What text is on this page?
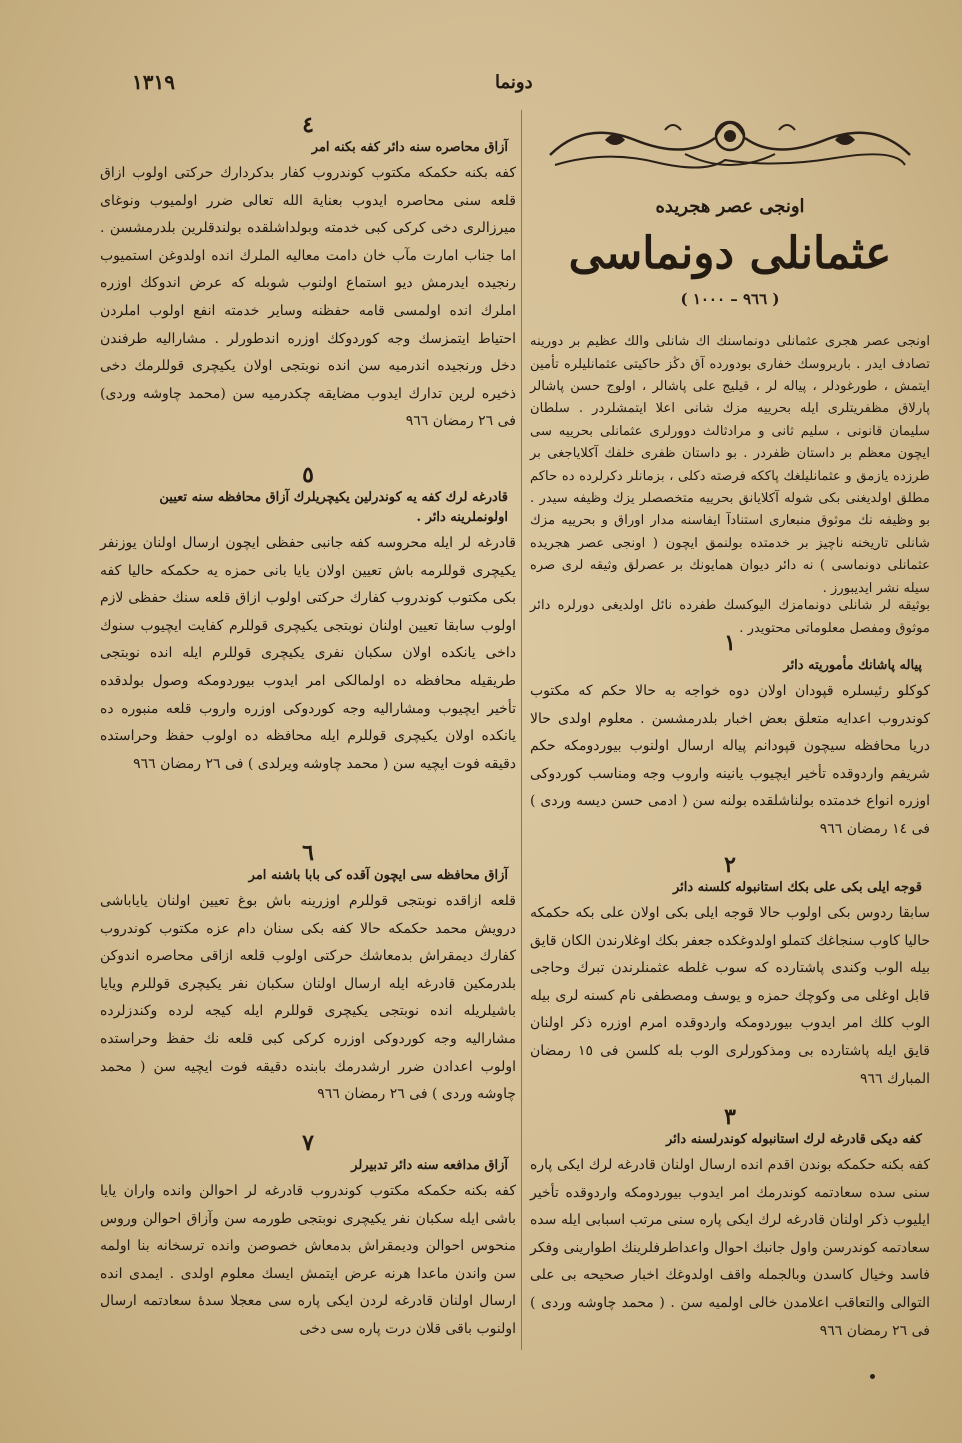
١٣١٩	دونما
اونجی عصر هجریده
عثمانلی دونماسی
( ٩٦٦ – ١٠٠٠ )

اونجی عصر هجری عثمانلی دونماسنك اك شانلی والك عظیم بر دورینه تصادف ایدر . باربروسك خفاری بودورده آق دڭز حاكیتی عثمانلیلره تأمین ایتمش ، طورغودلر ، پیاله لر ، قیلیج علی پاشالر ، اولوج حسن پاشالر پارلاق مظفریتلری ایله بحرییه مزك شانی اعلا ایتمشلردر . سلطان سلیمان قانونی ، سلیم ثانی و مرادثالث دوورلری عثمانلی بحرییه سی ایچون معظم بر داستان ظفردر . بو داستان ظفری خلفك آكلایاجغی بر طرزده یازمق و عثمانلیلغك پاككه فرصته دكلی ، بزمانلر دكرلرده ده حاكم مطلق اولدیغنی بكی شوله آكلایانق بحرییه متخصصلر یزك وظیفه سیدر . بو وظیفه نك موثوق منبعاری استنادآ ایفاسنه مدار اوراق و بحرییه مزك شانلی تاریخنه ناچیز بر خدمتده بولنمق ایچون ( اونجی عصر هجریده عثمانلی دونماسی ) نه دائر دیوان همایونك بر عصرلق وثیقه لری صره سیله نشر ایدیبورز .

بوثیقه لر شانلی دونمامزك الیوكسك طفرده نائل اولدیغی دورلره دائر موثوق ومفصل معلوماتی محتویدر .

١
پیاله پاشانك مأموریته دائر

كوكلو رئیسلره قپودان اولان دوه خواجه به حالا حكم كه مكتوب كوندروب اعدایه متعلق بعض اخبار بلدرمشسن . معلوم اولدی حالا دریا محافظه سیچون قپودانم پیاله ارسال اولنوب بیوردومكه حكم شریفم واردوقده تأخیر ایچیوب یانینه واروب وجه ومناسب كوردوكی اوزره انواع خدمتده بولناشلقده بولنه سن ( ادمی حسن دیسه وردی ) فی ١٤ رمضان ٩٦٦

٢
قوجه ایلی بكی علی بكك استانبوله كلسنه دائر

سابقا ردوس بكی اولوب حالا قوجه ایلی بكی اولان علی بكه حكمكه حالیا كاوب سنجاغك كتملو اولدوغكده جعفر بكك اوغلارندن الكان قایق بیله الوب وكندی پاشتارده كه سوب غلطه عثمنلرندن تبرك وحاجی قابل اوغلی می وكوچك حمزه و یوسف ومصطفی نام كسنه لری بیله الوب كلك امر ایدوب بیوردومكه واردوقده امرم اوزره ذكر اولنان قایق ایله پاشتارده بی ومذكورلری الوب بله كلسن فی ١٥ رمضان المبارك ٩٦٦

٣
كفه دیكی قادرغه لرك استانبوله كوندرلسنه دائر

كفه بكنه حكمكه بوندن اقدم انده ارسال اولنان قادرغه لرك ایكی پاره سنی سده سعادتمه كوندرمك امر ایدوب بیوردومكه واردوقده تأخیر ایلیوب ذكر اولنان قادرغه لرك ایكی پاره سنی مرتب اسبابی ایله سده سعادتمه كوندرسن واول جانبك احوال واعداطرفلرینك اطوارینی وفكر فاسد وخیال كاسدن وبالجمله واقف اولدوغك اخبار صحیحه بی علی التوالی والتعاقب اعلامدن خالی اولمیه سن . ( محمد چاوشه وردی ) فی ٢٦ رمضان ٩٦٦

٤
آزاق محاصره سنه دائر كفه بكنه امر

كفه بكنه حكمكه مكتوب كوندروب كفار بدكردارك حركتی اولوب ازاق قلعه سنی محاصره ایدوب بعنایة الله تعالی ضرر اولمیوب ونوغای میرزالری دخی كركی كبی خدمته وبولداشلقده بولندقلرین بلدرمشسن . اما جناب امارت مآب خان دامت معالیه الملرك انده اولدوغن استمیوب رنجیده ایدرمش دیو استماع اولنوب شوبله كه عرض اندوكك اوزره املرك انده اولمسی قامه حفظنه وسایر خدمته انفع اولوب املردن احتیاط ایتمزسك وجه كوردوكك اوزره اندطورلر . مشارالیه طرفندن دخل ورنجیده اندرمیه سن انده نوبتجی اولان یكیچری قوللرمك دخی ذخیره لرین تدارك ایدوب مضایقه چكدرمیه سن (محمد چاوشه وردی) فی ٢٦ رمضان ٩٦٦

٥
قادرغه لرك كفه یه كوندرلین یكیچریلرك آزاق محافظه سنه تعیین اولونملرینه دائر .

قادرغه لر ایله محروسه كفه جانبی حفظی ایچون ارسال اولنان یوزنفر یكیچری قوللرمه باش تعیین اولان یایا بانی حمزه یه حكمكه حالیا كفه بكی مكتوب كوندروب كفارك حركتی اولوب ازاق قلعه سنك حفظی لازم اولوب سابقا تعیین اولنان نوبتجی یكیچری قوللرم كفایت ایچیوب سنوك داخی یانكده اولان سكبان نفری یكیچری قوللرم ایله انده نوبتجی طریقیله محافظه ده اولمالكی امر ایدوب بیوردومكه وصول بولدقده تأخیر ایچیوب ومشارالیه وجه كوردوكی اوزره واروب قلعه منبوره ده یانكده اولان یكیچری قوللرم ایله محافظه ده اولوب حفظ وحراستده دقیقه فوت ایچیه سن ( محمد چاوشه ویرلدی ) فی ٢٦ رمضان ٩٦٦

٦
آزاق محافظه سی ایچون آقده كی بابا باشنه امر

قلعه ازاقده نوبتجی قوللرم اوزرینه باش بوغ تعیین اولنان یایاباشی درویش محمد حكمكه حالا كفه بكی سنان دام عزه مكتوب كوندروب كفارك دیمقراش بدمعاشك حركتی اولوب قلعه ازاقی محاصره اندوكن بلدرمكین قادرغه ایله ارسال اولنان سكبان نفر یكیچری قوللرم ویایا باشیلریله انده نوبتجی یكیچری قوللرم ایله كیجه لرده وكندزلرده مشارالیه وجه كوردوكی اوزره كركی كبی قلعه نك حفظ وحراستده اولوب اعدادن ضرر ارشدرمك بابنده دقیقه فوت ایچیه سن ( محمد چاوشه وردی ) فی ٢٦ رمضان ٩٦٦

٧
آزاق مدافعه سنه دائر تدبیرلر

كفه بكنه حكمكه مكتوب كوندروب قادرغه لر احوالن وانده واران یایا باشی ایله سكبان نفر یكیچری نوبتجی طورمه سن وآزاق احوالن وروس منحوس احوالن ودیمقراش بدمعاش خصوصن وانده ترسخانه بنا اولمه سن واندن ماعدا هرنه عرض ایتمش ایسك معلوم اولدی . ایمدی انده ارسال اولنان قادرغه لردن ایكی پاره سی معجلا سدهٔ سعادتمه ارسال اولنوب باقی قلان درت پاره سی دخی
